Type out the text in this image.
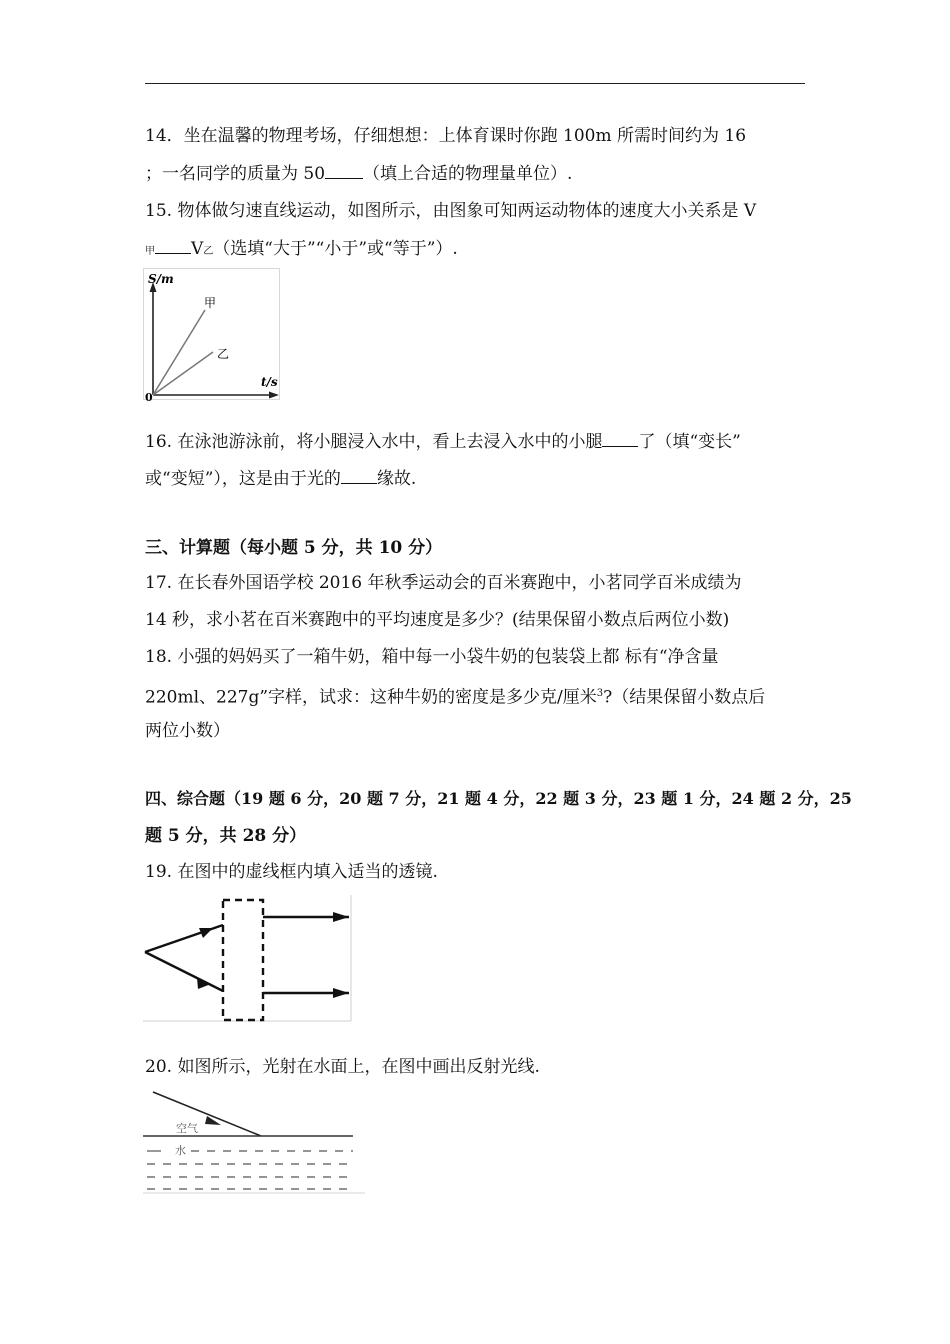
14．坐在温馨的物理考场，仔细想想：上体育课时你跑 100m 所需时间约为 16
；一名同学的质量为 50 （填上合适的物理量单位）.
15. 物体做匀速直线运动，如图所示，由图象可知两运动物体的速度大小关系是 V
甲 V乙（选填“大于”“小于”或“等于”）.
S/m
t/s
0
甲
乙
16. 在泳池游泳前，将小腿浸入水中，看上去浸入水中的小腿 了（填“变长”
或“变短”），这是由于光的 缘故.
三、计算题（每小题 5 分，共 10 分）
17. 在长春外国语学校 2016 年秋季运动会的百米赛跑中，小茗同学百米成绩为
14 秒，求小茗在百米赛跑中的平均速度是多少？(结果保留小数点后两位小数)
18. 小强的妈妈买了一箱牛奶，箱中每一小袋牛奶的包装袋上都 标有“净含量
220ml、227g”字样，试求：这种牛奶的密度是多少克/厘米$^3$?（结果保留小数点后
两位小数）
四、综合题（19 题 6 分，20 题 7 分，21 题 4 分，22 题 3 分，23 题 1 分，24 题 2 分，25
题 5 分，共 28 分）
19. 在图中的虚线框内填入适当的透镜.
20. 如图所示，光射在水面上，在图中画出反射光线.
空气
水
